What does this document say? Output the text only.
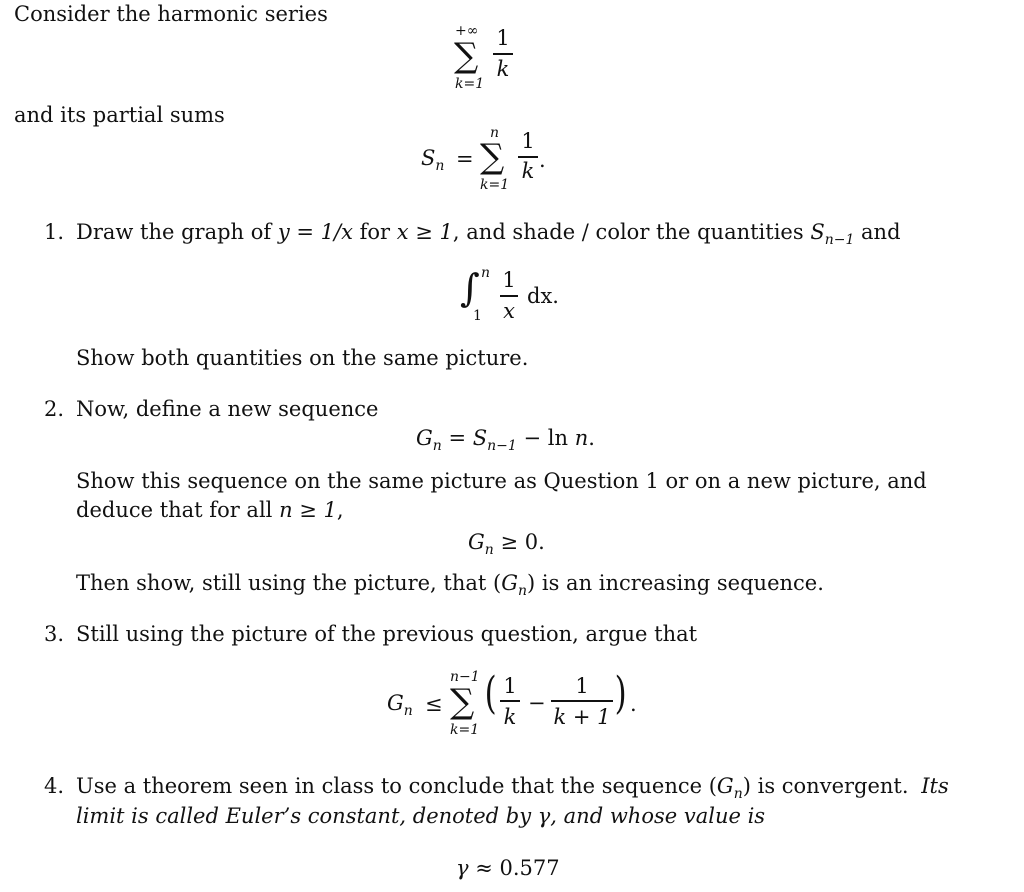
Consider the harmonic series
+∞
∑
k=1
1
k
and its partial sums
$S_n$ =
n
∑
k=1
1
k .
1. Draw the graph of y = 1/x for x ≥ 1, and shade / color the quantities $S_{n-1}$ and
∫ n
1
1
x
dx.
Show both quantities on the same picture.
2. Now, define a new sequence
$G_n = S_{n-1} - \ln n$.
Show this sequence on the same picture as Question 1 or on a new picture, and
deduce that for all n ≥ 1,
$G_n \ge 0$.
Then show, still using the picture, that $(G_n)$ is an increasing sequence.
3. Still using the picture of the previous question, argue that
$G_n$ ≤
n−1
∑
k=1
( 1
k
−
1
k + 1 ) .
4. Use a theorem seen in class to conclude that the sequence $(G_n)$ is convergent. Its
limit is called Euler’s constant, denoted by γ, and whose value is
γ ≈ 0.577
